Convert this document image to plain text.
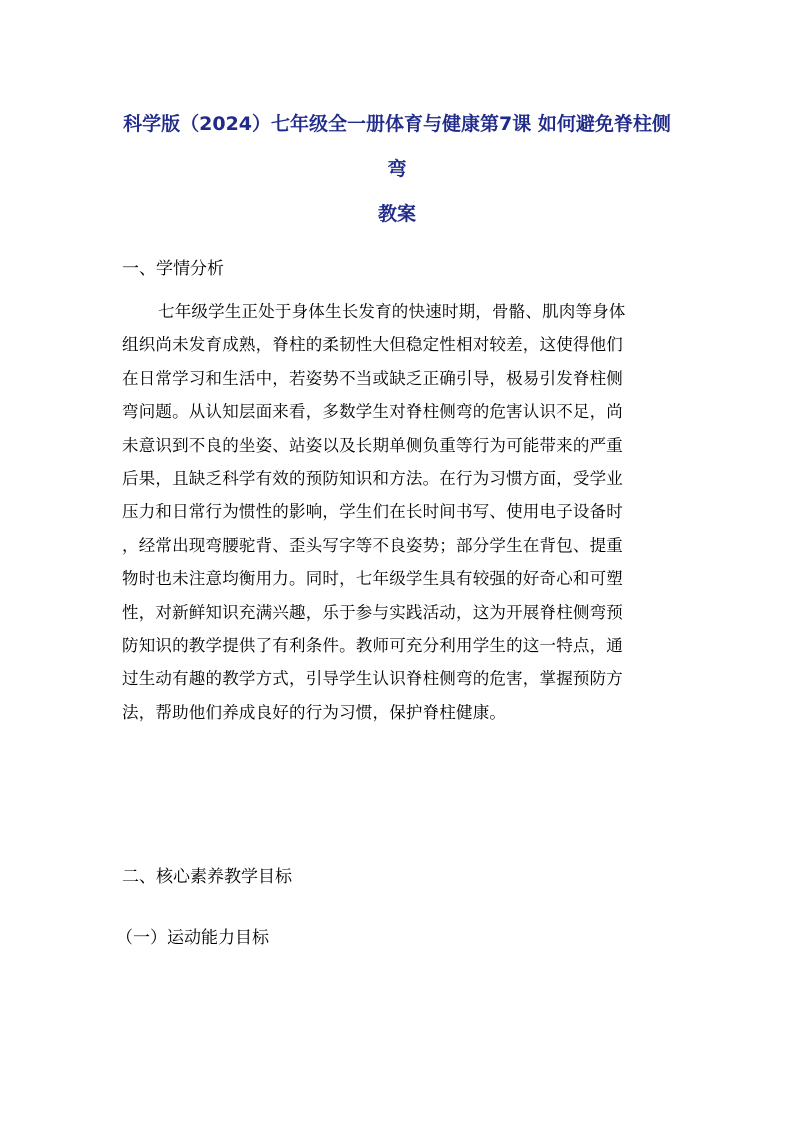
科学版（2024）七年级全一册体育与健康第7课 如何避免脊柱侧
弯
教案
一、学情分析
七年级学生正处于身体生长发育的快速时期，骨骼、肌肉等身体
组织尚未发育成熟，脊柱的柔韧性大但稳定性相对较差，这使得他们
在日常学习和生活中，若姿势不当或缺乏正确引导，极易引发脊柱侧
弯问题。从认知层面来看，多数学生对脊柱侧弯的危害认识不足，尚
未意识到不良的坐姿、站姿以及长期单侧负重等行为可能带来的严重
后果，且缺乏科学有效的预防知识和方法。在行为习惯方面，受学业
压力和日常行为惯性的影响，学生们在长时间书写、使用电子设备时
，经常出现弯腰驼背、歪头写字等不良姿势；部分学生在背包、提重
物时也未注意均衡用力。同时，七年级学生具有较强的好奇心和可塑
性，对新鲜知识充满兴趣，乐于参与实践活动，这为开展脊柱侧弯预
防知识的教学提供了有利条件。教师可充分利用学生的这一特点，通
过生动有趣的教学方式，引导学生认识脊柱侧弯的危害，掌握预防方
法，帮助他们养成良好的行为习惯，保护脊柱健康。
二、核心素养教学目标
（一）运动能力目标
